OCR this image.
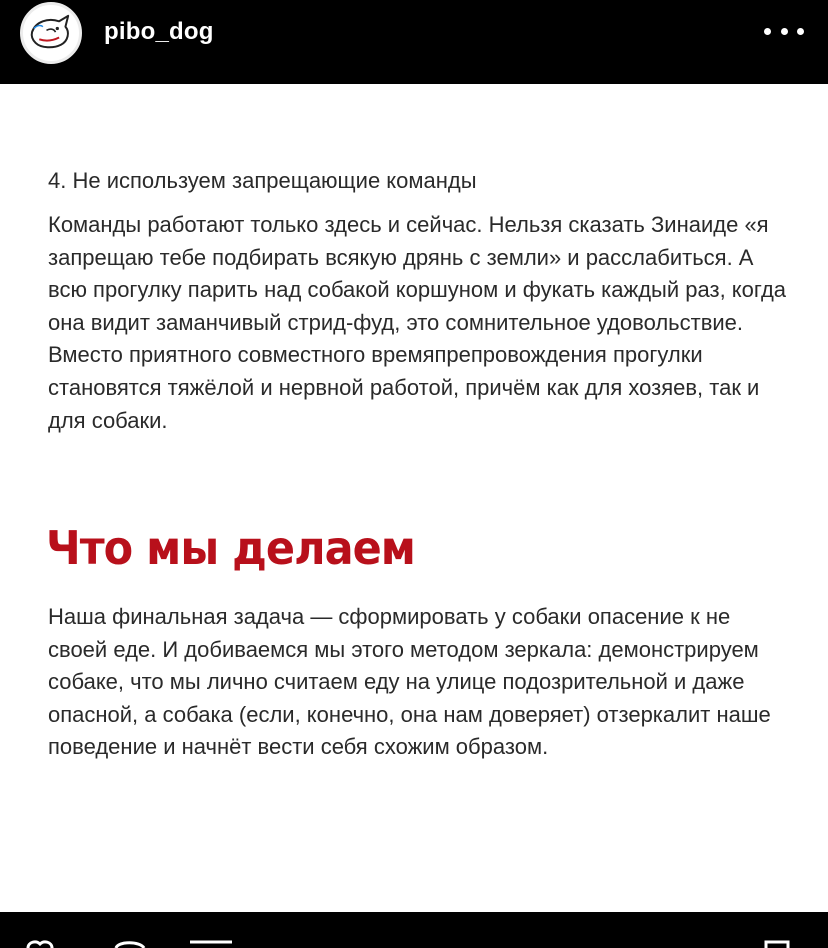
pibo_dog

4. Не используем запрещающие команды

Команды работают только здесь и сейчас. Нельзя сказать Зинаиде «я запрещаю тебе подбирать всякую дрянь с земли» и расслабиться. А всю прогулку парить над собакой коршуном и фукать каждый раз, когда она видит заманчивый стрид-фуд, это сомнительное удовольствие. Вместо приятного совместного времяпрепровождения прогулки становятся тяжёлой и нервной работой, причём как для хозяев, так и для собаки.

Что мы делаем

Наша финальная задача — сформировать у собаки опасение к не своей еде. И добиваемся мы этого методом зеркала: демонстрируем собаке, что мы лично считаем еду на улице подозрительной и даже опасной, а собака (если, конечно, она нам доверяет) отзеркалит наше поведение и начнёт вести себя схожим образом.
